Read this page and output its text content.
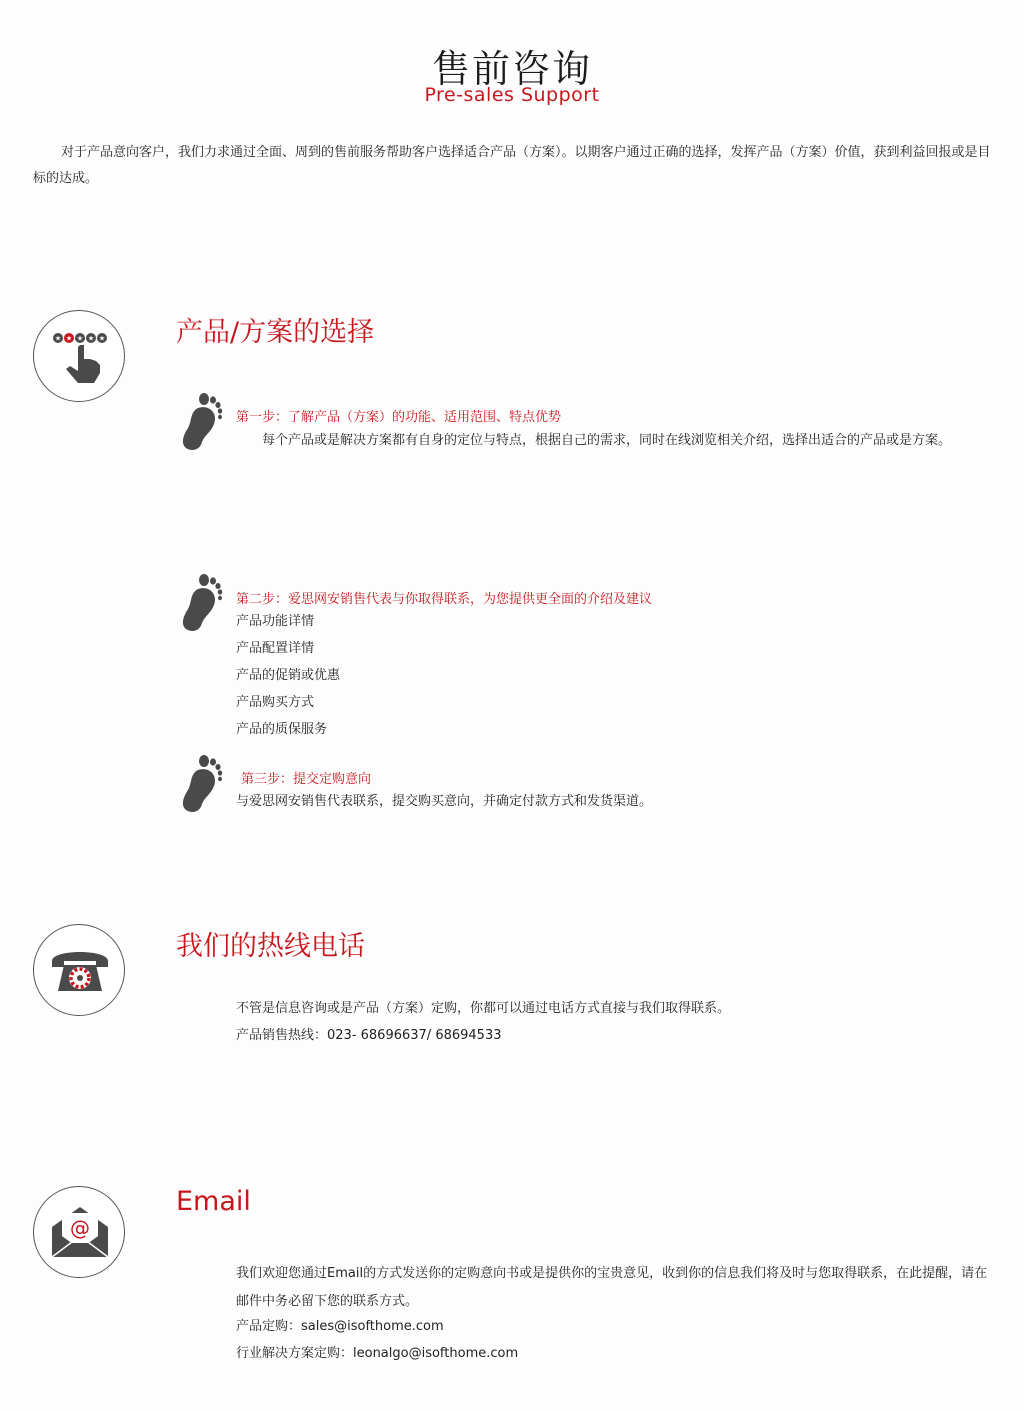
售前咨询
Pre-sales Support
对于产品意向客户，我们力求通过全面、周到的售前服务帮助客户选择适合产品（方案）。以期客户通过正确的选择，发挥产品（方案）价值，获到利益回报或是目标的达成。
★ ★ ★ ★ ★	产品/方案的选择
第一步：了解产品（方案）的功能、适用范围、特点优势
每个产品或是解决方案都有自身的定位与特点，根据自己的需求，同时在线浏览相关介绍，选择出适合的产品或是方案。
第二步：爱思网安销售代表与你取得联系，为您提供更全面的介绍及建议
产品功能详情
产品配置详情
产品的促销或优惠
产品购买方式
产品的质保服务
第三步：提交定购意向
与爱思网安销售代表联系，提交购买意向，并确定付款方式和发货渠道。
我们的热线电话
不管是信息咨询或是产品（方案）定购，你都可以通过电话方式直接与我们取得联系。
产品销售热线：023- 68696637/ 68694533
@
Email
我们欢迎您通过Email的方式发送你的定购意向书或是提供你的宝贵意见，收到你的信息我们将及时与您取得联系，在此提醒，请在邮件中务必留下您的联系方式。
产品定购：sales@isofthome.com
行业解决方案定购：leonalgo@isofthome.com
